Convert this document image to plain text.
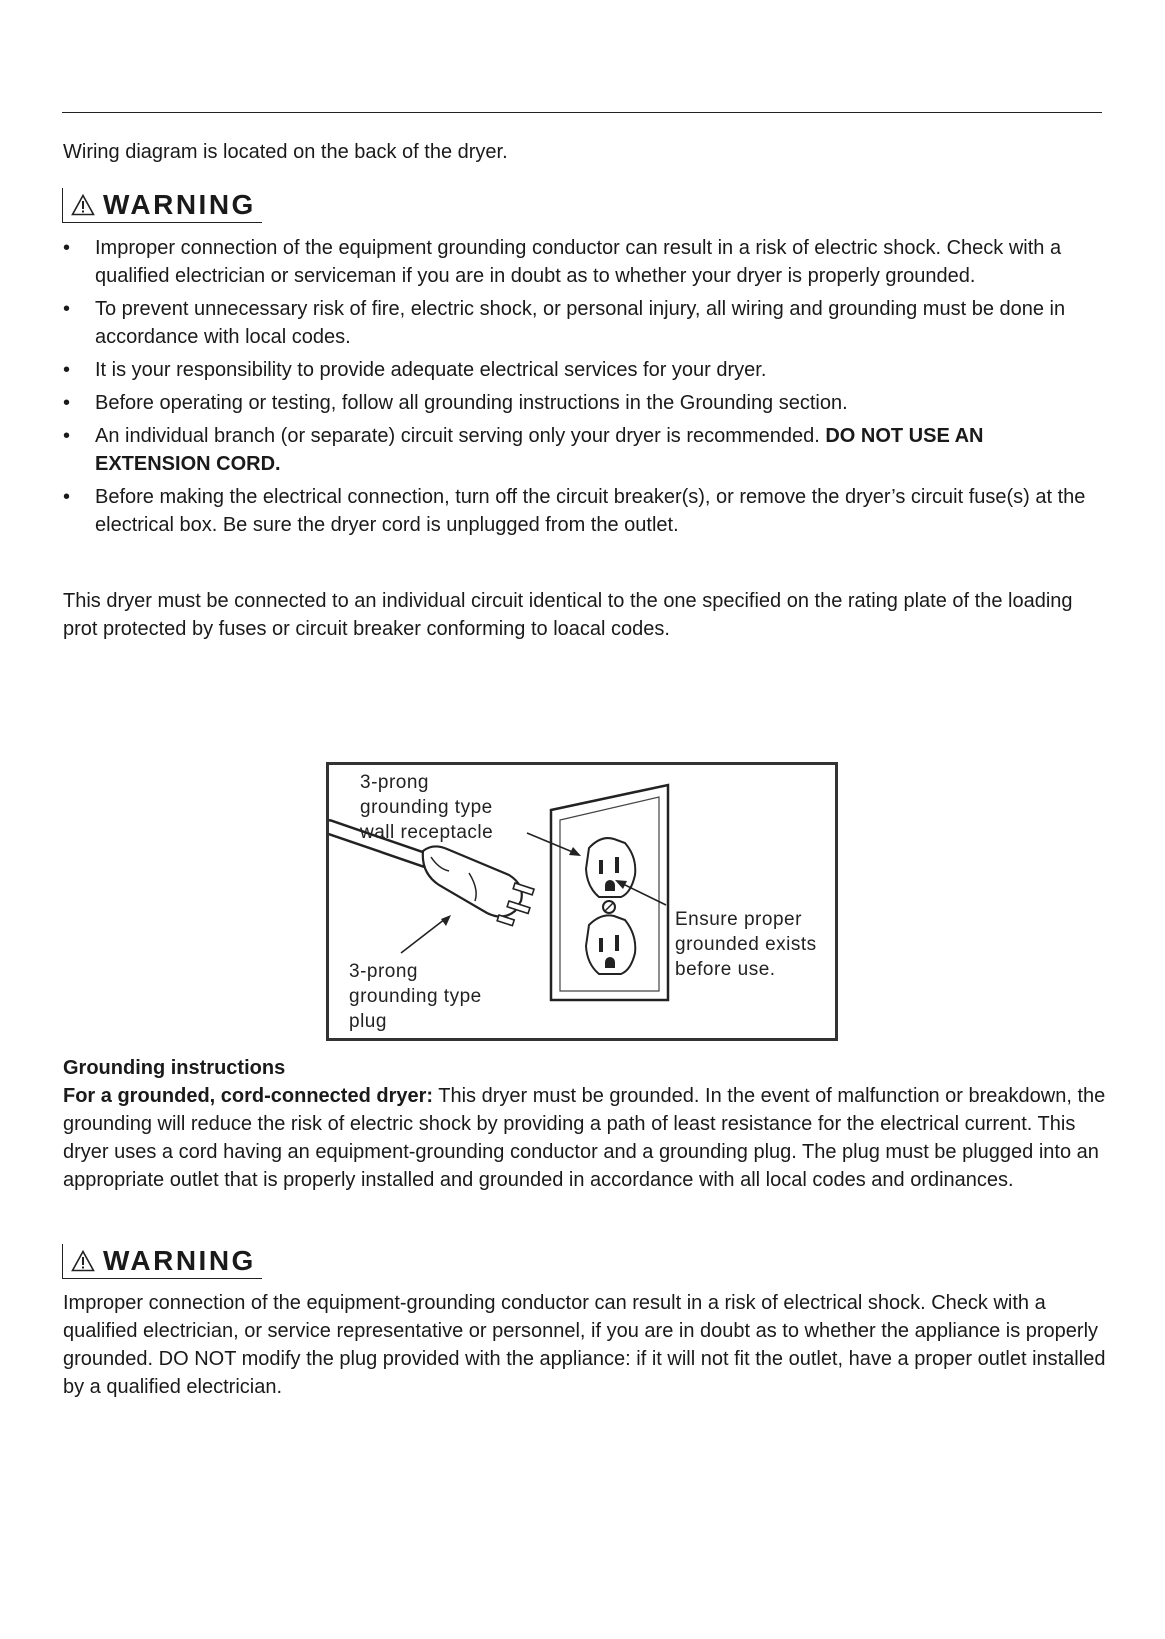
Wiring diagram is located on the back of the dryer.

WARNING
• Improper connection of the equipment grounding conductor can result in a risk of electric shock. Check with a qualified electrician or serviceman if you are in doubt as to whether your dryer is properly grounded.
• To prevent unnecessary risk of fire, electric shock, or personal injury, all wiring and grounding must be done in accordance with local codes.
• It is your responsibility to provide adequate electrical services for your dryer.
• Before operating or testing, follow all grounding instructions in the Grounding section.
• An individual branch (or separate) circuit serving only your dryer is recommended. DO NOT USE AN EXTENSION CORD.
• Before making the electrical connection, turn off the circuit breaker(s), or remove the dryer’s circuit fuse(s) at the electrical box. Be sure the dryer cord is unplugged from the outlet.

This dryer must be connected to an individual circuit identical to the one specified on the rating plate of the loading prot protected by fuses or circuit breaker conforming to loacal codes.

3-prong
grounding type
wall receptacle
3-prong
grounding type
plug
Ensure proper
grounded exists
before use.

Grounding instructions

For a grounded, cord-connected dryer: This dryer must be grounded. In the event of malfunction or breakdown, the grounding will reduce the risk of electric shock by providing a path of least resistance for the electrical current. This dryer uses a cord having an equipment-grounding conductor and a grounding plug. The plug must be plugged into an appropriate outlet that is properly installed and grounded in accordance with all local codes and ordinances.

WARNING

Improper connection of the equipment-grounding conductor can result in a risk of electrical shock. Check with a qualified electrician, or service representative or personnel, if you are in doubt as to whether the appliance is properly grounded. DO NOT modify the plug provided with the appliance: if it will not fit the outlet, have a proper outlet installed by a qualified electrician.
